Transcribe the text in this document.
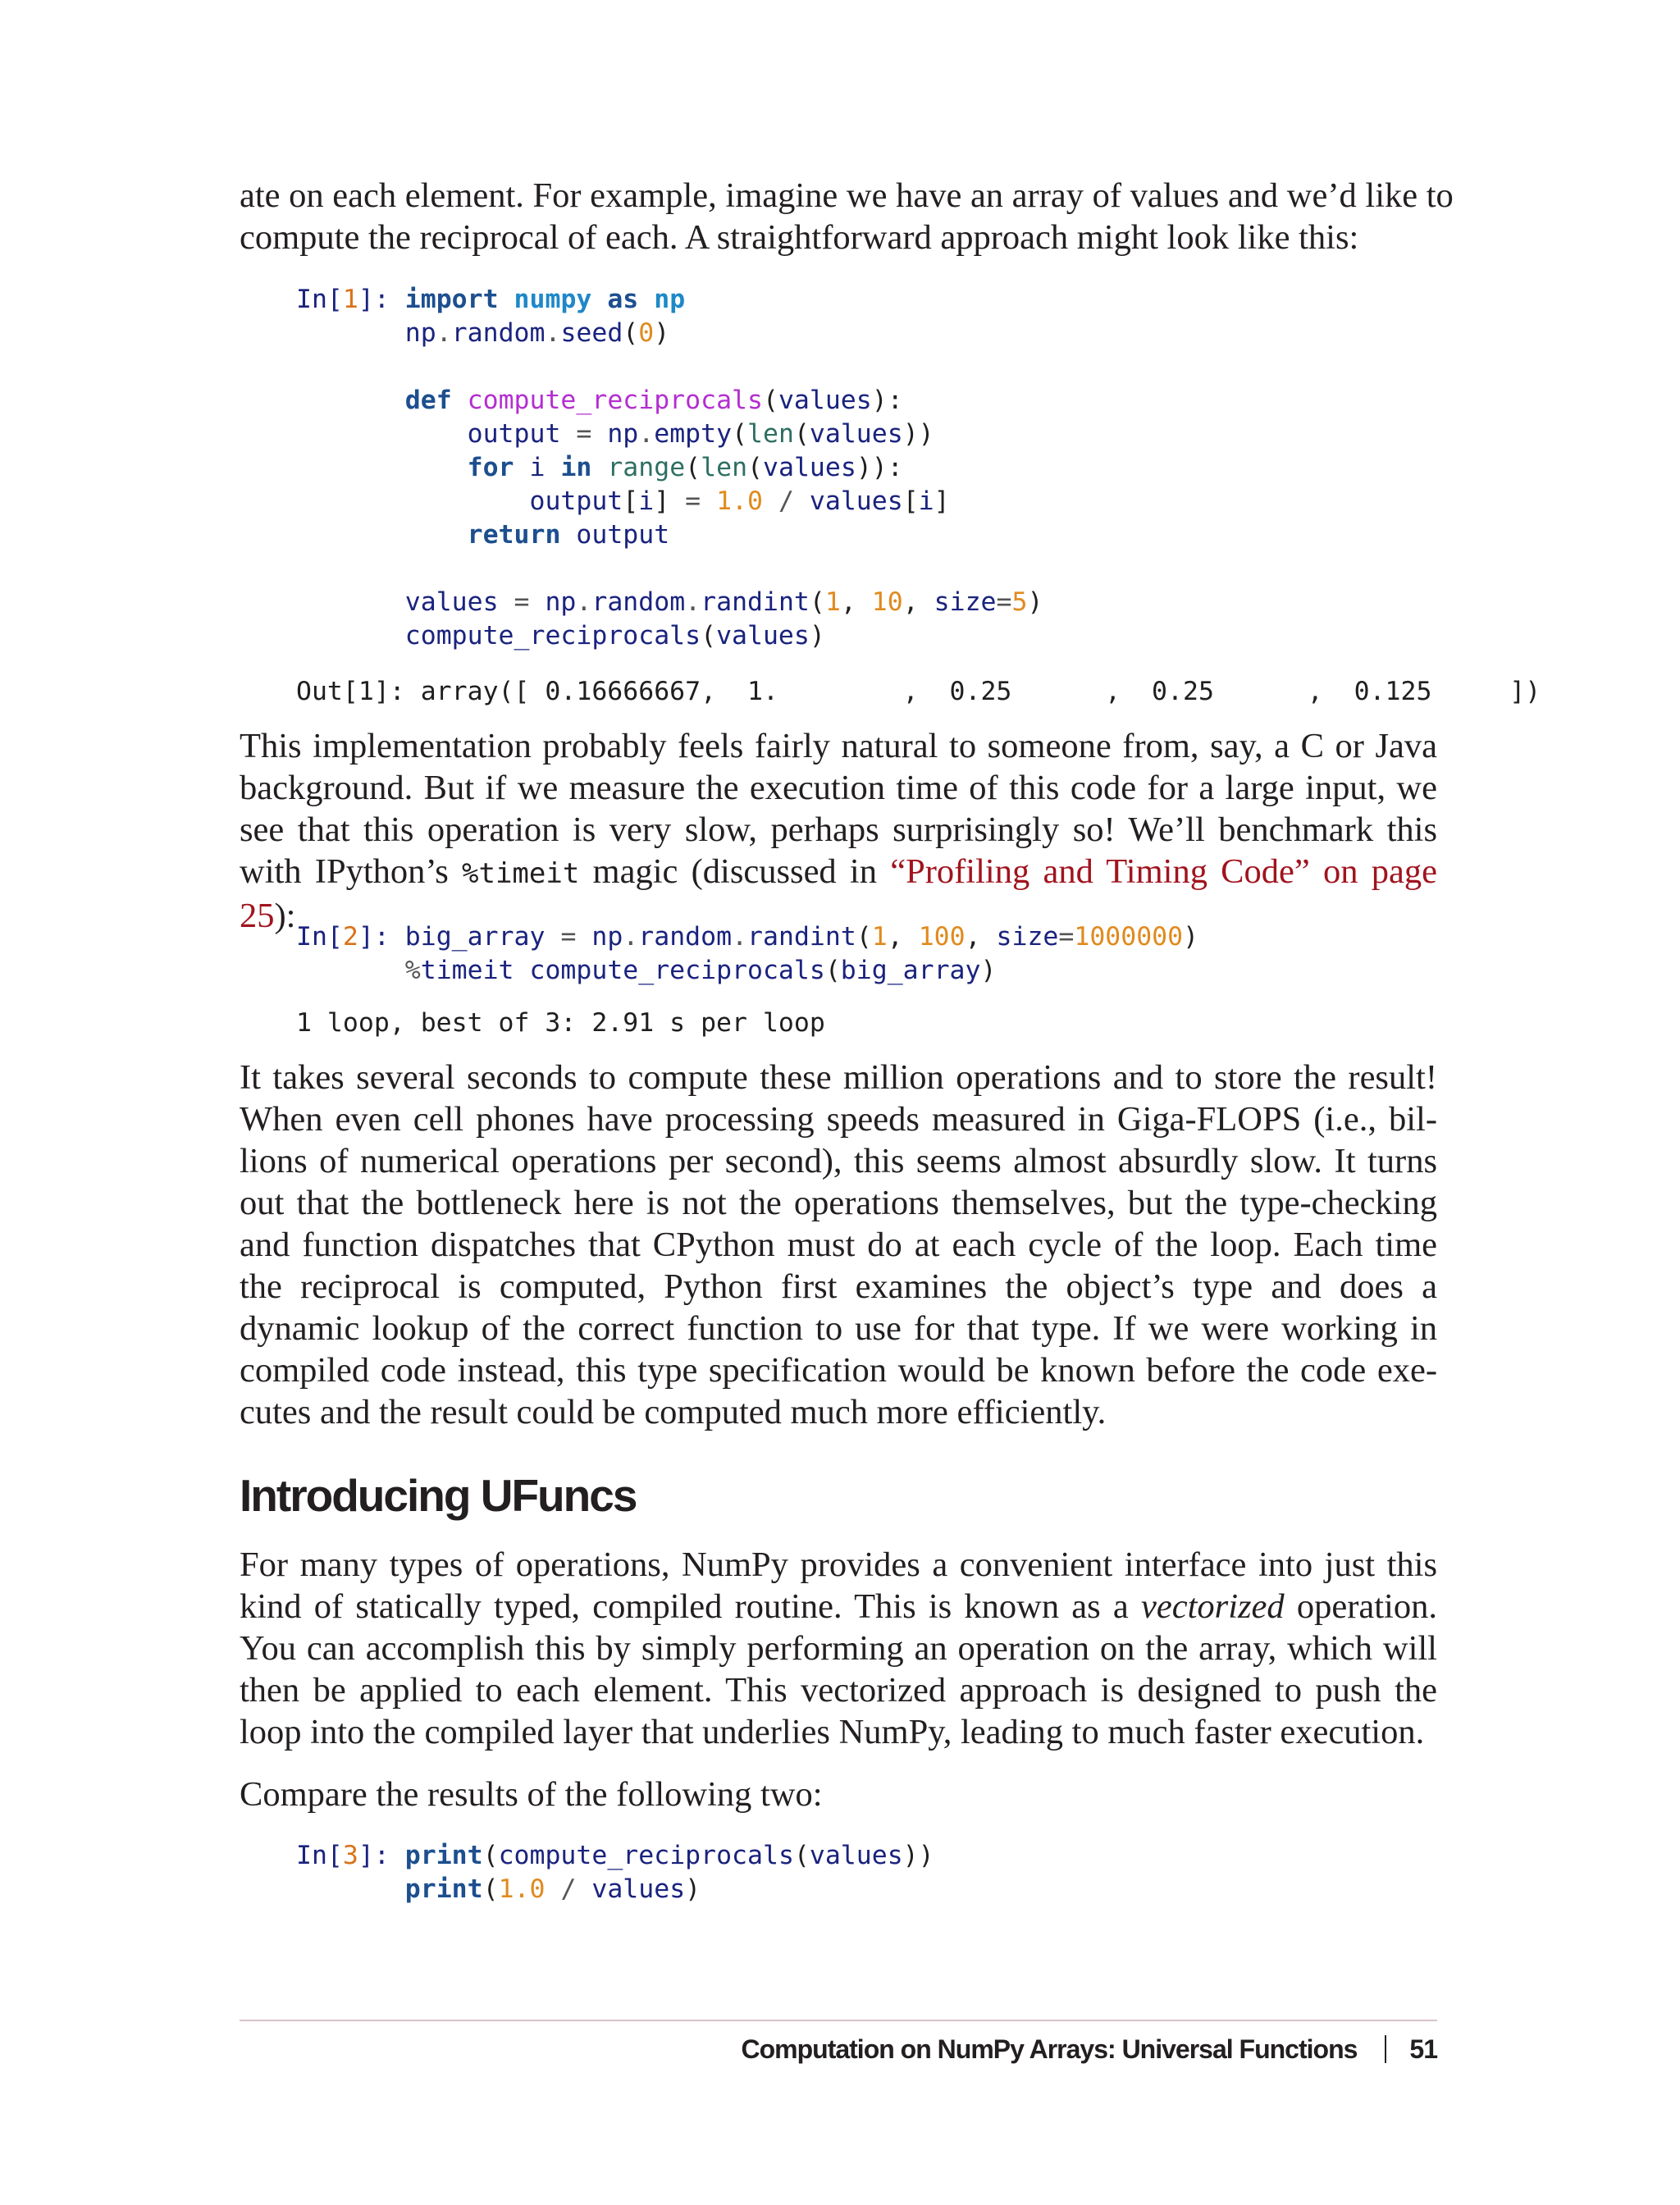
ate on each element. For example, imagine we have an array of values and we’d like to

compute the reciprocal of each. A straightforward approach might look like this:

In[1]: import numpy as np
np.random.seed(0)

def compute_reciprocals(values):
output = np.empty(len(values))
for i in range(len(values)):
output[i] = 1.0 / values[i]
return output

values = np.random.randint(1, 10, size=5)
compute_reciprocals(values)
Out[1]: array([ 0.16666667,  1.        ,  0.25      ,  0.25      ,  0.125     ])

This implementation probably feels fairly natural to someone from, say, a C or Java background. But if we measure the execution time of this code for a large input, we see that this operation is very slow, perhaps surprisingly so! We’ll benchmark this with IPython’s %timeit magic (discussed in “Profiling and Timing Code” on page 25):

In[2]: big_array = np.random.randint(1, 100, size=1000000)
%timeit compute_reciprocals(big_array)
1 loop, best of 3: 2.91 s per loop

It takes several seconds to compute these million operations and to store the result! When even cell phones have processing speeds measured in Giga-FLOPS (i.e., billions of numerical operations per second), this seems almost absurdly slow. It turns out that the bottleneck here is not the operations themselves, but the type-checking and function dispatches that CPython must do at each cycle of the loop. Each time the reciprocal is computed, Python first examines the object’s type and does a dynamic lookup of the correct function to use for that type. If we were working in compiled code instead, this type specification would be known before the code executes and the result could be computed much more efficiently.

Introducing UFuncs

For many types of operations, NumPy provides a convenient interface into just this kind of statically typed, compiled routine. This is known as a vectorized operation. You can accomplish this by simply performing an operation on the array, which will then be applied to each element. This vectorized approach is designed to push the loop into the compiled layer that underlies NumPy, leading to much faster execution.

Compare the results of the following two:

In[3]: print(compute_reciprocals(values))
print(1.0 / values)
Computation on NumPy Arrays: Universal Functions 51
